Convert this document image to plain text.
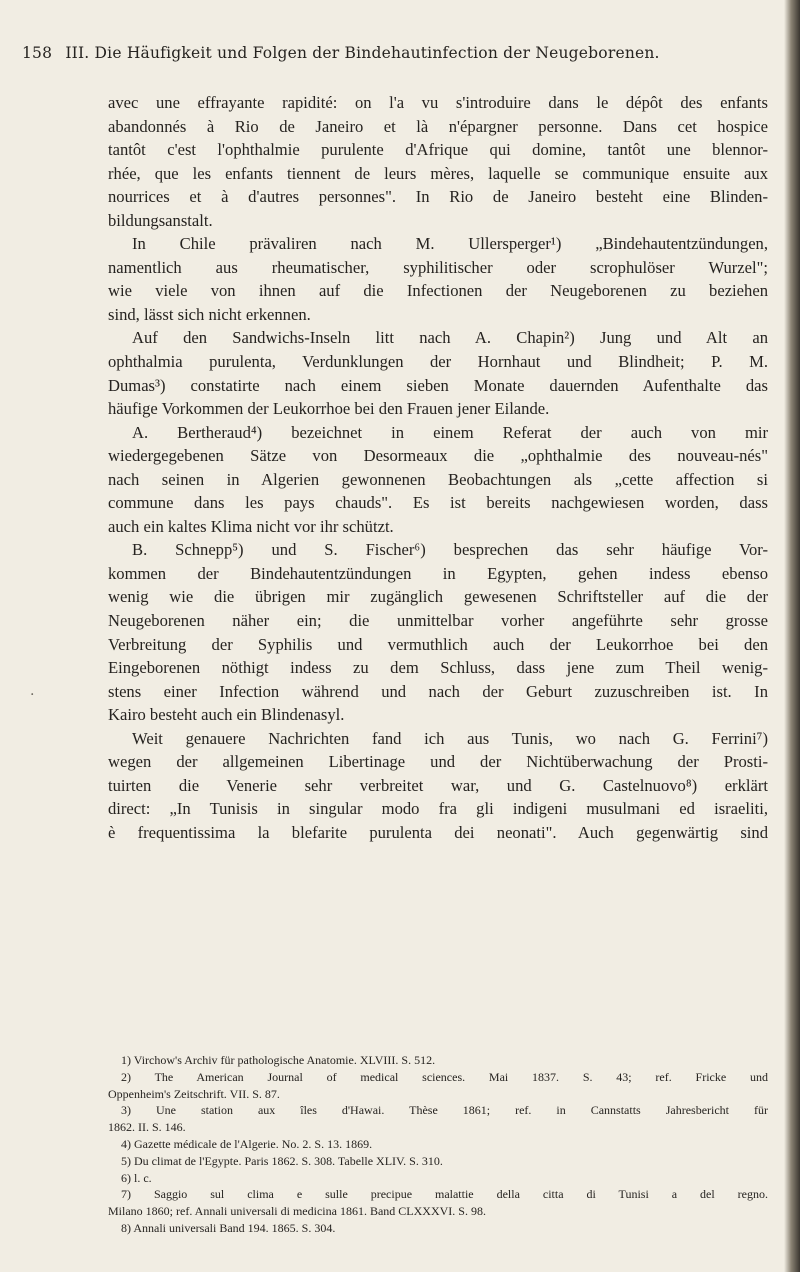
158 III. Die Häufigkeit und Folgen der Bindehautinfection der Neugeborenen.
avec une effrayante rapidité: on l'a vu s'introduire dans le dépôt des enfants
abandonnés à Rio de Janeiro et là n'épargner personne. Dans cet hospice
tantôt c'est l'ophthalmie purulente d'Afrique qui domine, tantôt une blennor-
rhée, que les enfants tiennent de leurs mères, laquelle se communique ensuite aux
nourrices et à d'autres personnes". In Rio de Janeiro besteht eine Blinden-
bildungsanstalt.
In Chile prävaliren nach M. Ullersperger¹) „Bindehautentzündungen,
namentlich aus rheumatischer, syphilitischer oder scrophulöser Wurzel";
wie viele von ihnen auf die Infectionen der Neugeborenen zu beziehen
sind, lässt sich nicht erkennen.
Auf den Sandwichs-Inseln litt nach A. Chapin²) Jung und Alt an
ophthalmia purulenta, Verdunklungen der Hornhaut und Blindheit; P. M.
Dumas³) constatirte nach einem sieben Monate dauernden Aufenthalte das
häufige Vorkommen der Leukorrhoe bei den Frauen jener Eilande.
A. Bertheraud⁴) bezeichnet in einem Referat der auch von mir
wiedergegebenen Sätze von Desormeaux die „ophthalmie des nouveau-nés"
nach seinen in Algerien gewonnenen Beobachtungen als „cette affection si
commune dans les pays chauds". Es ist bereits nachgewiesen worden, dass
auch ein kaltes Klima nicht vor ihr schützt.
B. Schnepp⁵) und S. Fischer⁶) besprechen das sehr häufige Vor-
kommen der Bindehautentzündungen in Egypten, gehen indess ebenso
wenig wie die übrigen mir zugänglich gewesenen Schriftsteller auf die der
Neugeborenen näher ein; die unmittelbar vorher angeführte sehr grosse
Verbreitung der Syphilis und vermuthlich auch der Leukorrhoe bei den
Eingeborenen nöthigt indess zu dem Schluss, dass jene zum Theil wenig-
stens einer Infection während und nach der Geburt zuzuschreiben ist. In
Kairo besteht auch ein Blindenasyl.
Weit genauere Nachrichten fand ich aus Tunis, wo nach G. Ferrini⁷)
wegen der allgemeinen Libertinage und der Nichtüberwachung der Prosti-
tuirten die Venerie sehr verbreitet war, und G. Castelnuovo⁸) erklärt
direct: „In Tunisis in singular modo fra gli indigeni musulmani ed israeliti,
è frequentissima la blefarite purulenta dei neonati". Auch gegenwärtig sind
1) Virchow's Archiv für pathologische Anatomie. XLVIII. S. 512.
2) The American Journal of medical sciences. Mai 1837. S. 43; ref. Fricke und
Oppenheim's Zeitschrift. VII. S. 87.
3) Une station aux îles d'Hawai. Thèse 1861; ref. in Cannstatts Jahresbericht für
1862. II. S. 146.
4) Gazette médicale de l'Algerie. No. 2. S. 13. 1869.
5) Du climat de l'Egypte. Paris 1862. S. 308. Tabelle XLIV. S. 310.
6) l. c.
7) Saggio sul clima e sulle precipue malattie della citta di Tunisi a del regno.
Milano 1860; ref. Annali universali di medicina 1861. Band CLXXXVI. S. 98.
8) Annali universali Band 194. 1865. S. 304.
.
